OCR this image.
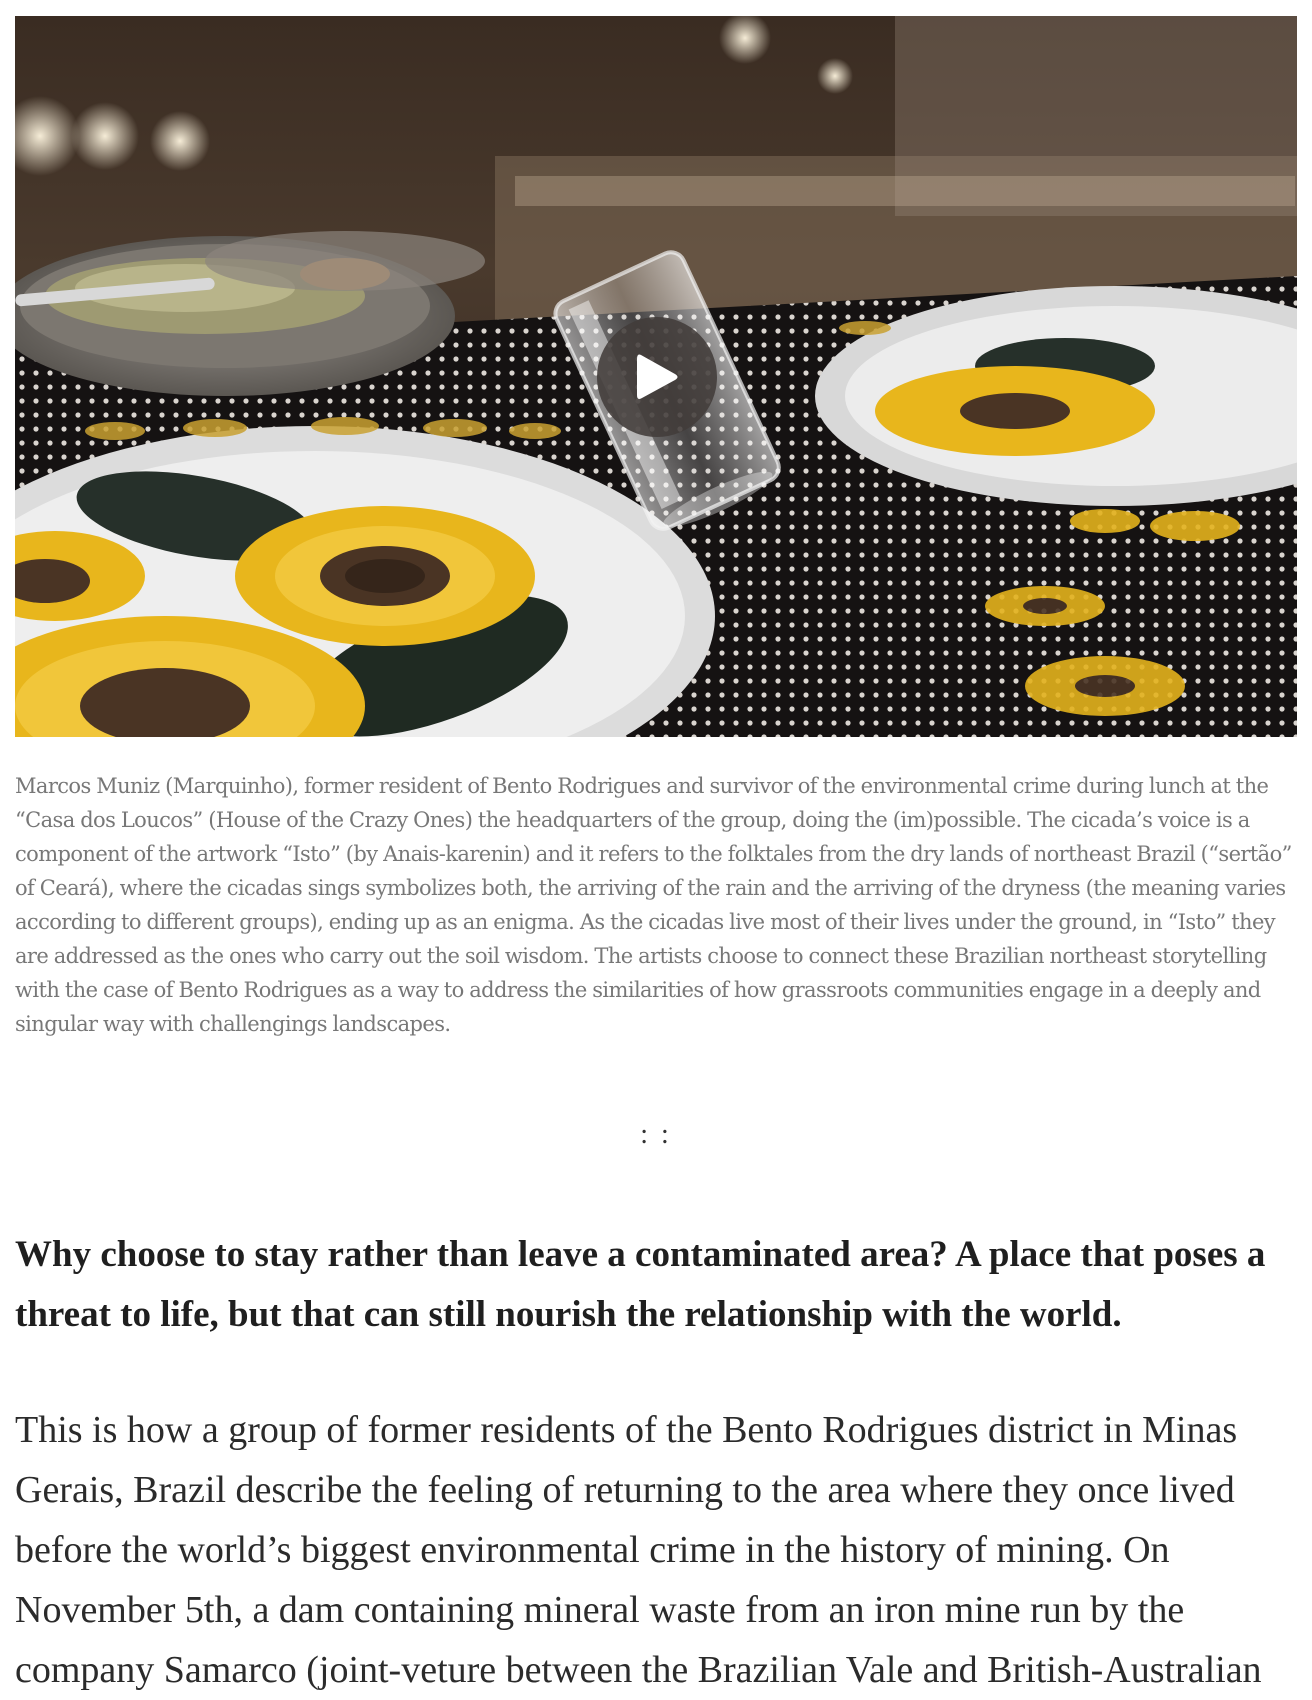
Marcos Muniz (Marquinho), former resident of Bento Rodrigues and survivor of the environmental crime during lunch at the “Casa dos Loucos” (House of the Crazy Ones) the headquarters of the group, doing the (im)possible. The cicada’s voice is a component of the artwork “Isto” (by Anais-karenin) and it refers to the folktales from the dry lands of northeast Brazil (“sertão” of Ceará), where the cicadas sings symbolizes both, the arriving of the rain and the arriving of the dryness (the meaning varies according to different groups), ending up as an enigma. As the cicadas live most of their lives under the ground, in “Isto” they are addressed as the ones who carry out the soil wisdom. The artists choose to connect these Brazilian northeast storytelling with the case of Bento Rodrigues as a way to address the similarities of how grassroots communities engage in a deeply and singular way with challengings landscapes.

: :
Why choose to stay rather than leave a contaminated area? A place that poses a threat to life, but that can still nourish the relationship with the world.

This is how a group of former residents of the Bento Rodrigues district in Minas Gerais, Brazil describe the feeling of returning to the area where they once lived before the world’s biggest environmental crime in the history of mining. On November 5th, a dam containing mineral waste from an iron mine run by the company Samarco (joint-veture between the Brazilian Vale and British-Australian
